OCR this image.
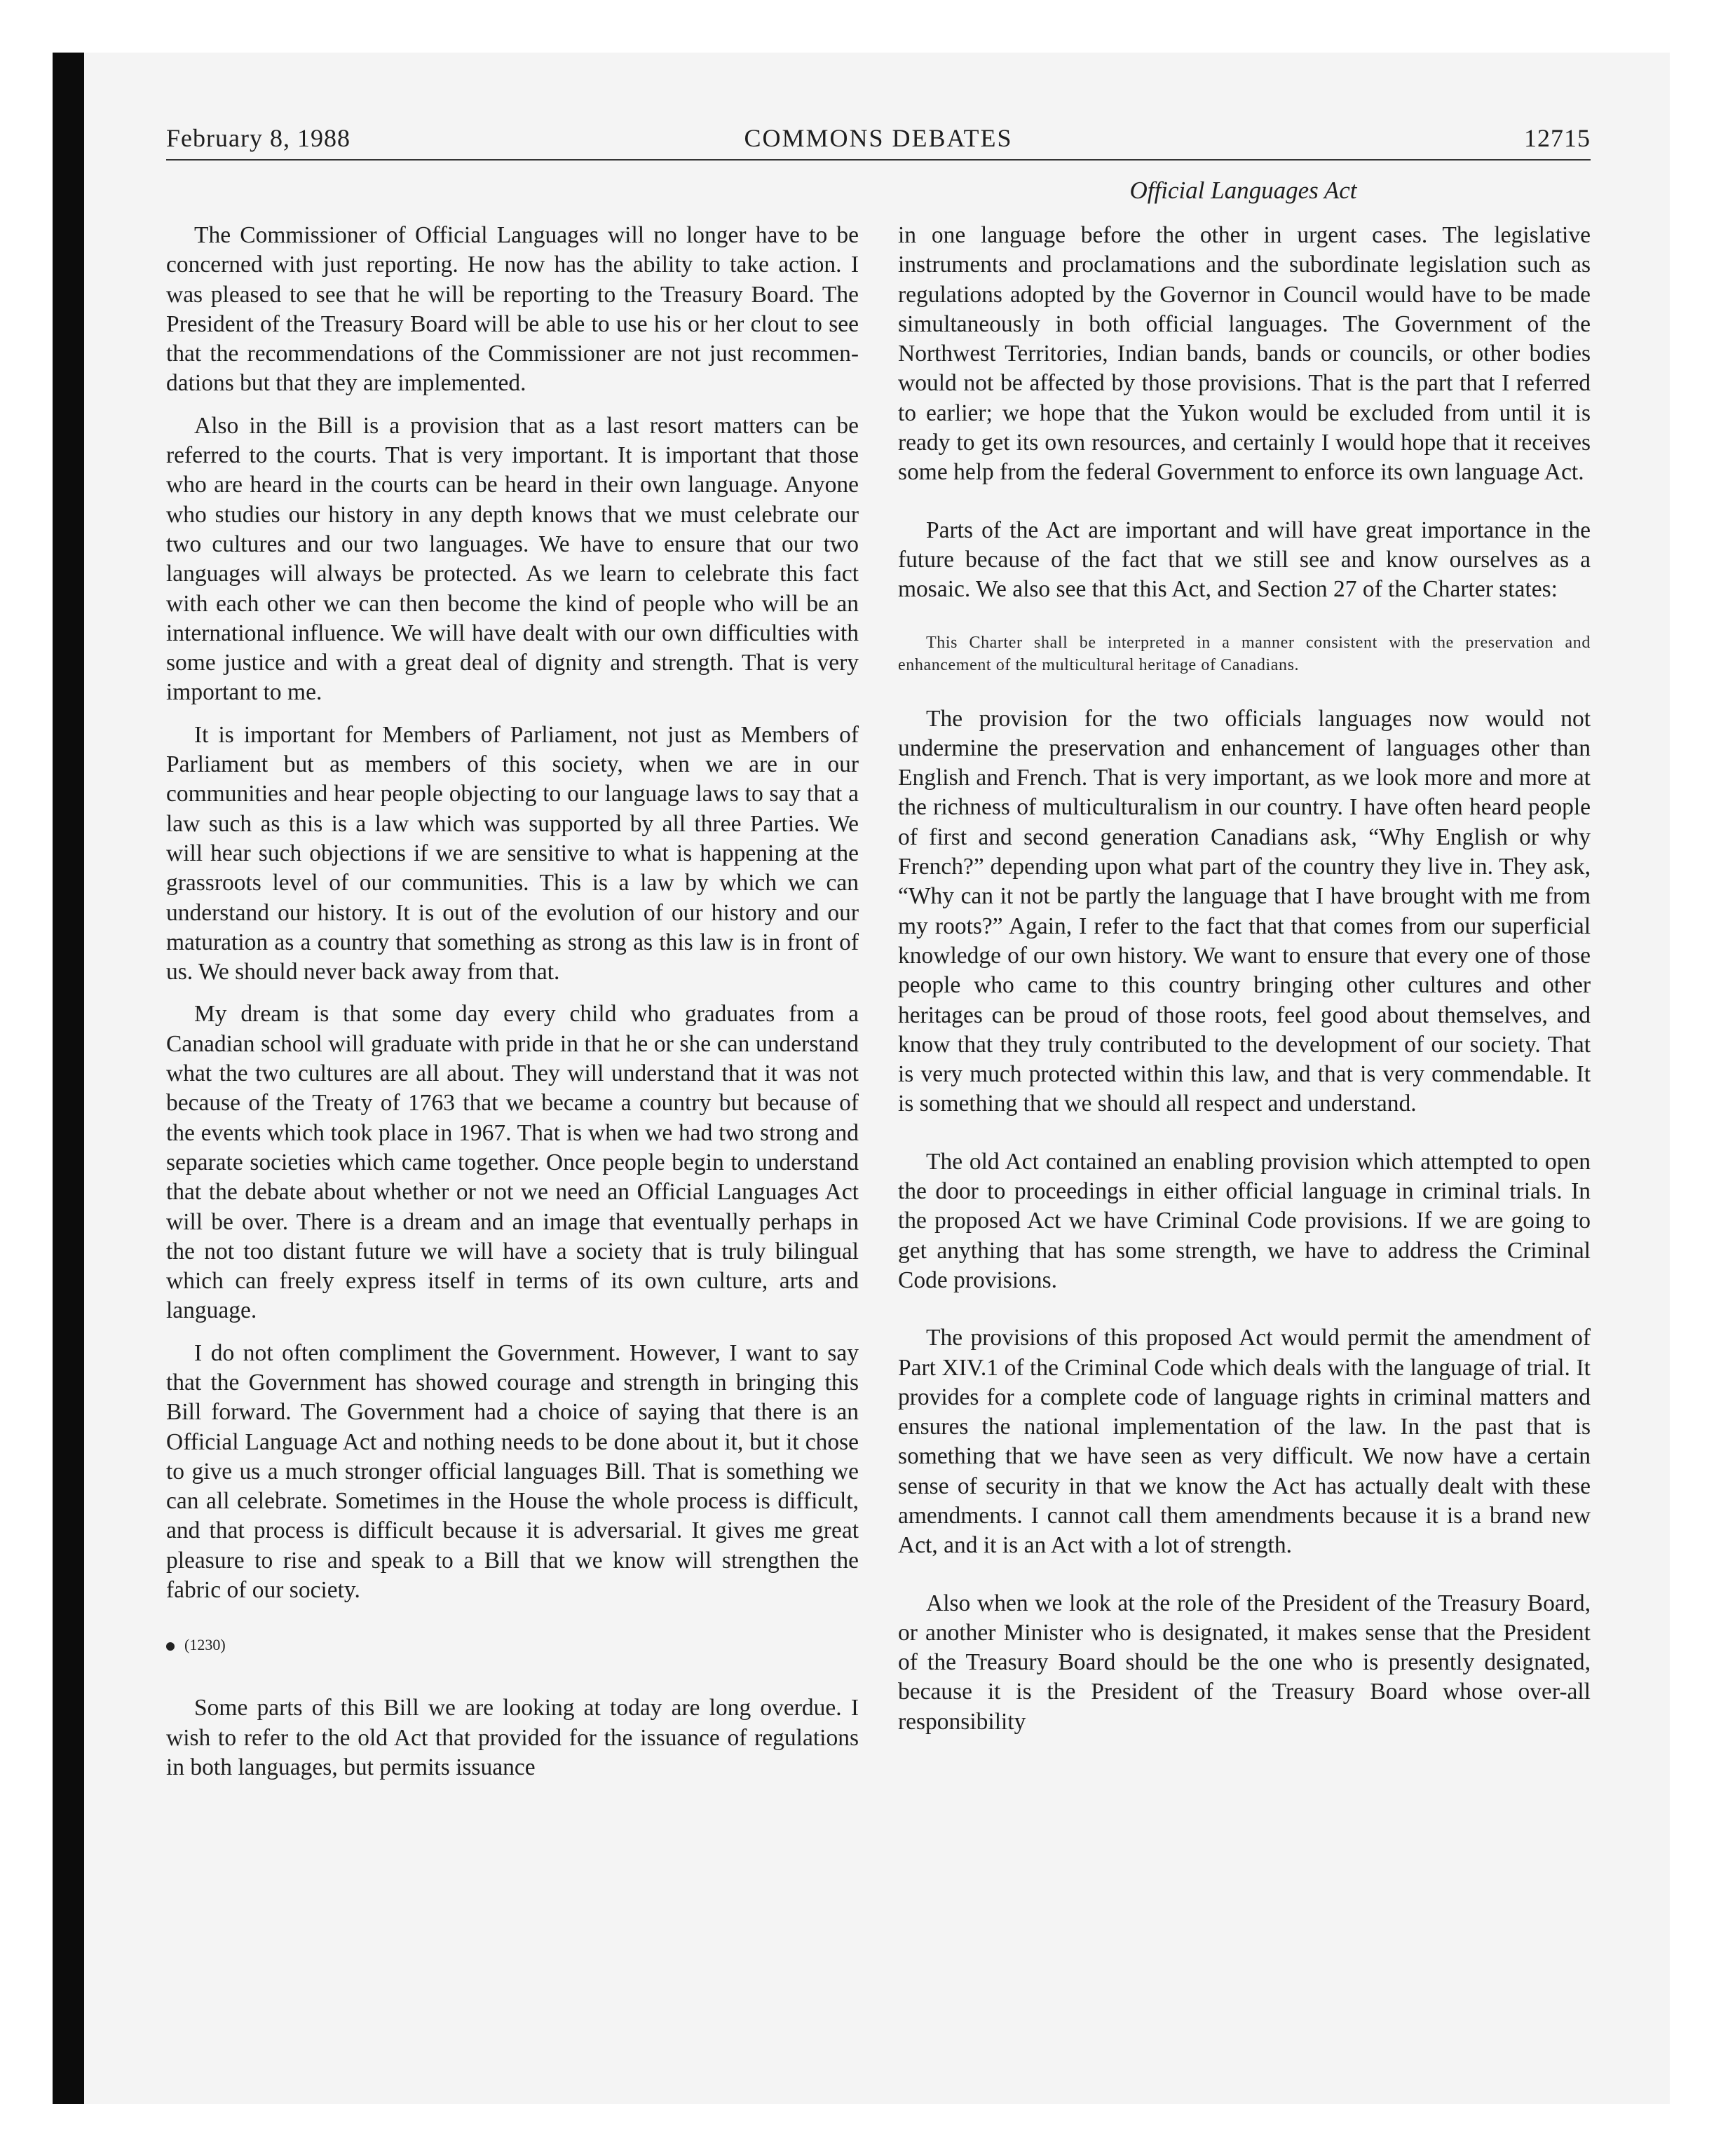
February 8, 1988	COMMONS DEBATES	12715
Official Languages Act

The Commissioner of Official Languages will no longer have to be concerned with just reporting. He now has the ability to take action. I was pleased to see that he will be reporting to the Treasury Board. The President of the Treasury Board will be able to use his or her clout to see that the recommendations of the Commissioner are not just recommendations but that they are implemented.

Also in the Bill is a provision that as a last resort matters can be referred to the courts. That is very important. It is important that those who are heard in the courts can be heard in their own language. Anyone who studies our history in any depth knows that we must celebrate our two cultures and our two languages. We have to ensure that our two languages will always be protected. As we learn to celebrate this fact with each other we can then become the kind of people who will be an international influence. We will have dealt with our own difficulties with some justice and with a great deal of dignity and strength. That is very important to me.

It is important for Members of Parliament, not just as Members of Parliament but as members of this society, when we are in our communities and hear people objecting to our language laws to say that a law such as this is a law which was supported by all three Parties. We will hear such objections if we are sensitive to what is happening at the grassroots level of our communities. This is a law by which we can understand our history. It is out of the evolution of our history and our maturation as a country that something as strong as this law is in front of us. We should never back away from that.

My dream is that some day every child who graduates from a Canadian school will graduate with pride in that he or she can understand what the two cultures are all about. They will understand that it was not because of the Treaty of 1763 that we became a country but because of the events which took place in 1967. That is when we had two strong and separate societies which came together. Once people begin to understand that the debate about whether or not we need an Official Languages Act will be over. There is a dream and an image that eventually perhaps in the not too distant future we will have a society that is truly bilingual which can freely express itself in terms of its own culture, arts and language.

I do not often compliment the Government. However, I want to say that the Government has showed courage and strength in bringing this Bill forward. The Government had a choice of saying that there is an Official Language Act and nothing needs to be done about it, but it chose to give us a much stronger official languages Bill. That is something we can all celebrate. Sometimes in the House the whole process is difficult, and that process is difficult because it is adversarial. It gives me great pleasure to rise and speak to a Bill that we know will strengthen the fabric of our society.

(1230)

Some parts of this Bill we are looking at today are long overdue. I wish to refer to the old Act that provided for the issuance of regulations in both languages, but permits issuance

in one language before the other in urgent cases. The legislative instruments and proclamations and the subordinate legislation such as regulations adopted by the Governor in Council would have to be made simultaneously in both official languages. The Government of the Northwest Territories, Indian bands, bands or councils, or other bodies would not be affected by those provisions. That is the part that I referred to earlier; we hope that the Yukon would be excluded from until it is ready to get its own resources, and certainly I would hope that it receives some help from the federal Government to enforce its own language Act.

Parts of the Act are important and will have great importance in the future because of the fact that we still see and know ourselves as a mosaic. We also see that this Act, and Section 27 of the Charter states:

This Charter shall be interpreted in a manner consistent with the preservation and enhancement of the multicultural heritage of Canadians.

The provision for the two officials languages now would not undermine the preservation and enhancement of languages other than English and French. That is very important, as we look more and more at the richness of multiculturalism in our country. I have often heard people of first and second generation Canadians ask, “Why English or why French?” depending upon what part of the country they live in. They ask, “Why can it not be partly the language that I have brought with me from my roots?” Again, I refer to the fact that that comes from our superficial knowledge of our own history. We want to ensure that every one of those people who came to this country bringing other cultures and other heritages can be proud of those roots, feel good about themselves, and know that they truly contributed to the development of our society. That is very much protected within this law, and that is very commendable. It is something that we should all respect and understand.

The old Act contained an enabling provision which attempted to open the door to proceedings in either official language in criminal trials. In the proposed Act we have Criminal Code provisions. If we are going to get anything that has some strength, we have to address the Criminal Code provisions.

The provisions of this proposed Act would permit the amendment of Part XIV.1 of the Criminal Code which deals with the language of trial. It provides for a complete code of language rights in criminal matters and ensures the national implementation of the law. In the past that is something that we have seen as very difficult. We now have a certain sense of security in that we know the Act has actually dealt with these amendments. I cannot call them amendments because it is a brand new Act, and it is an Act with a lot of strength.

Also when we look at the role of the President of the Treasury Board, or another Minister who is designated, it makes sense that the President of the Treasury Board should be the one who is presently designated, because it is the President of the Treasury Board whose over-all responsibility
